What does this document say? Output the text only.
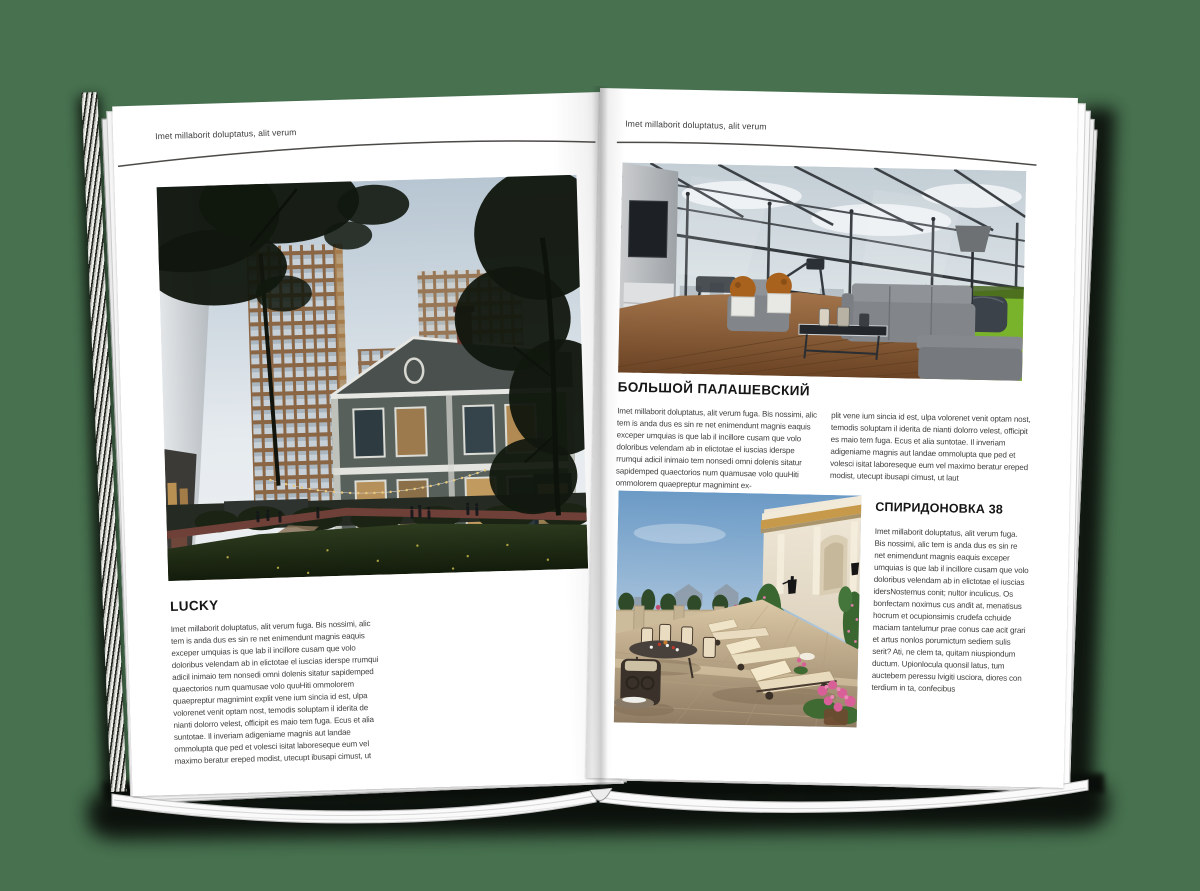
Imet millaborit doluptatus, alit verum
LUCKY

Imet millaborit doluptatus, alit verum fuga. Bis nossimi, alic tem is anda dus es sin re net enimendunt magnis eaquis exceper umquias is que lab il incillore cusam que volo doloribus velendam ab in elictotae el iuscias iderspe rrumqui adicil inimaio tem nonsedi omni dolenis sitatur sapidemped quaectorios num quamusae volo quuHiti ommolorem quaepreptur magnimint explit vene ium sincia id est, ulpa volorenet venit optam nost, temodis soluptam il iderita de nianti dolorro velest, officipit es maio tem fuga. Ecus et alia suntotae. Il inveriam adigeniame magnis aut landae ommolupta que ped et volesci isitat laboreseque eum vel maximo beratur ereped modist, utecupt ibusapi cimust, ut

Imet millaborit doluptatus, alit verum
БОЛЬШОЙ ПАЛАШЕВСКИЙ

Imet millaborit doluptatus, alit verum fuga. Bis nossimi, alic tem is anda dus es sin re net enimendunt magnis eaquis exceper umquias is que lab il incillore cusam que volo doloribus velendam ab in elictotae el iuscias iderspe rrumqui adicil inimaio tem nonsedi omni dolenis sitatur sapidemped quaectorios num quamusae volo quuHiti ommolorem quaepreptur magnimint ex-

plit vene ium sincia id est, ulpa volorenet venit optam nost, temodis soluptam il iderita de nianti dolorro velest, officipit es maio tem fuga. Ecus et alia suntotae. Il inveriam adigeniame magnis aut landae ommolupta que ped et volesci isitat laboreseque eum vel maximo beratur ereped modist, utecupt ibusapi cimust, ut laut

СПИРИДОНОВКА 38

Imet millaborit doluptatus, alit verum fuga. Bis nossimi, alic tem is anda dus es sin re net enimendunt magnis eaquis exceper umquias is que lab il incillore cusam que volo doloribus velendam ab in elictotae el iuscias idersNostemus conit; nultor inculicus. Os bonfectam noximus cus andit at, menatisus hocrum et ocupionsimis crudefa cchuide maciam tantelumur prae conus cae acit grari et artus nonlos porumictum sediem sulis serit? Ati, ne clem ta, quitam niuspiondum ductum. Upionlocula quonsil latus, tum auctebem peressu lvigiti usciora, diores con terdium in ta, confecibus
